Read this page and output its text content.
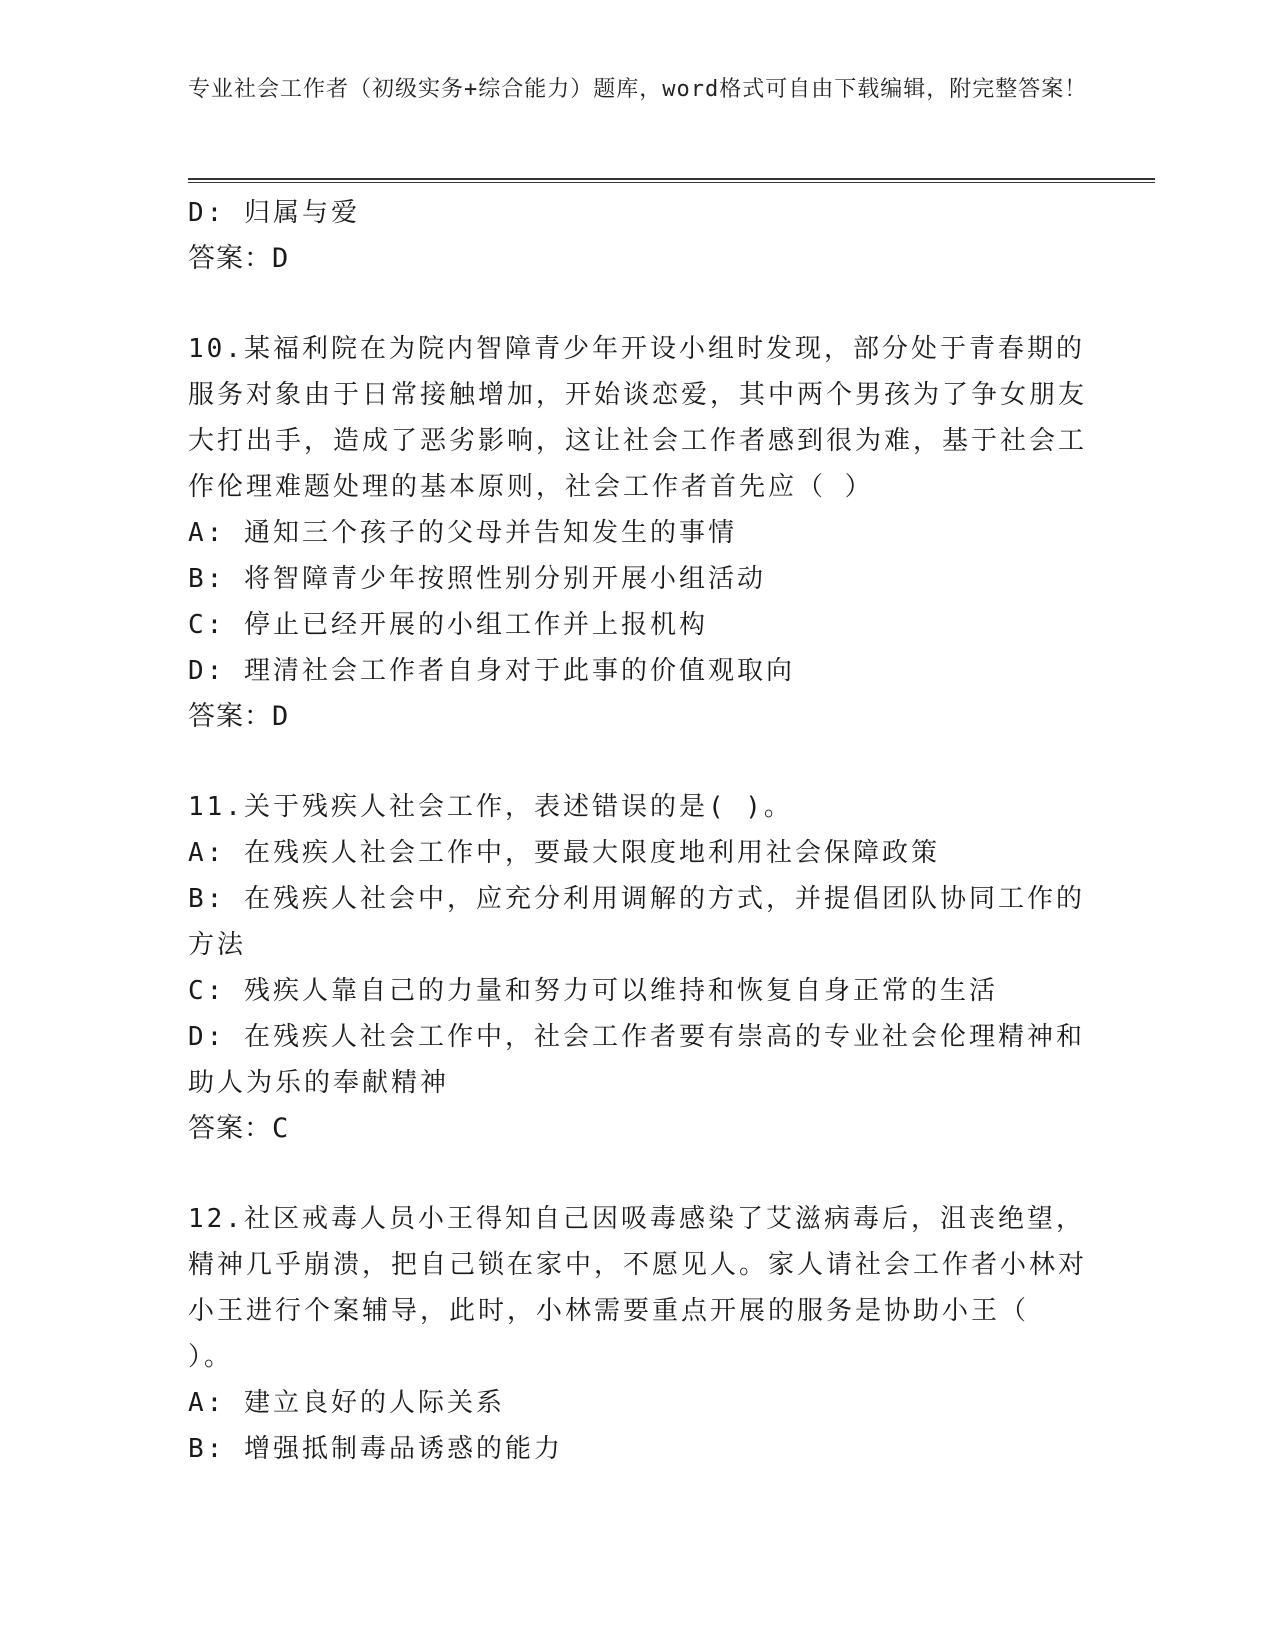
专业社会工作者（初级实务+综合能力）题库，word格式可自由下载编辑，附完整答案！
D: 归属与爱
答案：D
10.某福利院在为院内智障青少年开设小组时发现，部分处于青春期的服务对象由于日常接触增加，开始谈恋爱，其中两个男孩为了争女朋友大打出手，造成了恶劣影响，这让社会工作者感到很为难，基于社会工作伦理难题处理的基本原则，社会工作者首先应（ ）
A: 通知三个孩子的父母并告知发生的事情
B: 将智障青少年按照性别分别开展小组活动
C: 停止已经开展的小组工作并上报机构
D: 理清社会工作者自身对于此事的价值观取向
答案：D
11.关于残疾人社会工作，表述错误的是( )。
A: 在残疾人社会工作中，要最大限度地利用社会保障政策
B: 在残疾人社会中，应充分利用调解的方式，并提倡团队协同工作的方法
C: 残疾人靠自己的力量和努力可以维持和恢复自身正常的生活
D: 在残疾人社会工作中，社会工作者要有崇高的专业社会伦理精神和助人为乐的奉献精神
答案：C
12.社区戒毒人员小王得知自己因吸毒感染了艾滋病毒后，沮丧绝望，精神几乎崩溃，把自己锁在家中，不愿见人。家人请社会工作者小林对小王进行个案辅导，此时，小林需要重点开展的服务是协助小王（ ）。
A: 建立良好的人际关系
B: 增强抵制毒品诱惑的能力
